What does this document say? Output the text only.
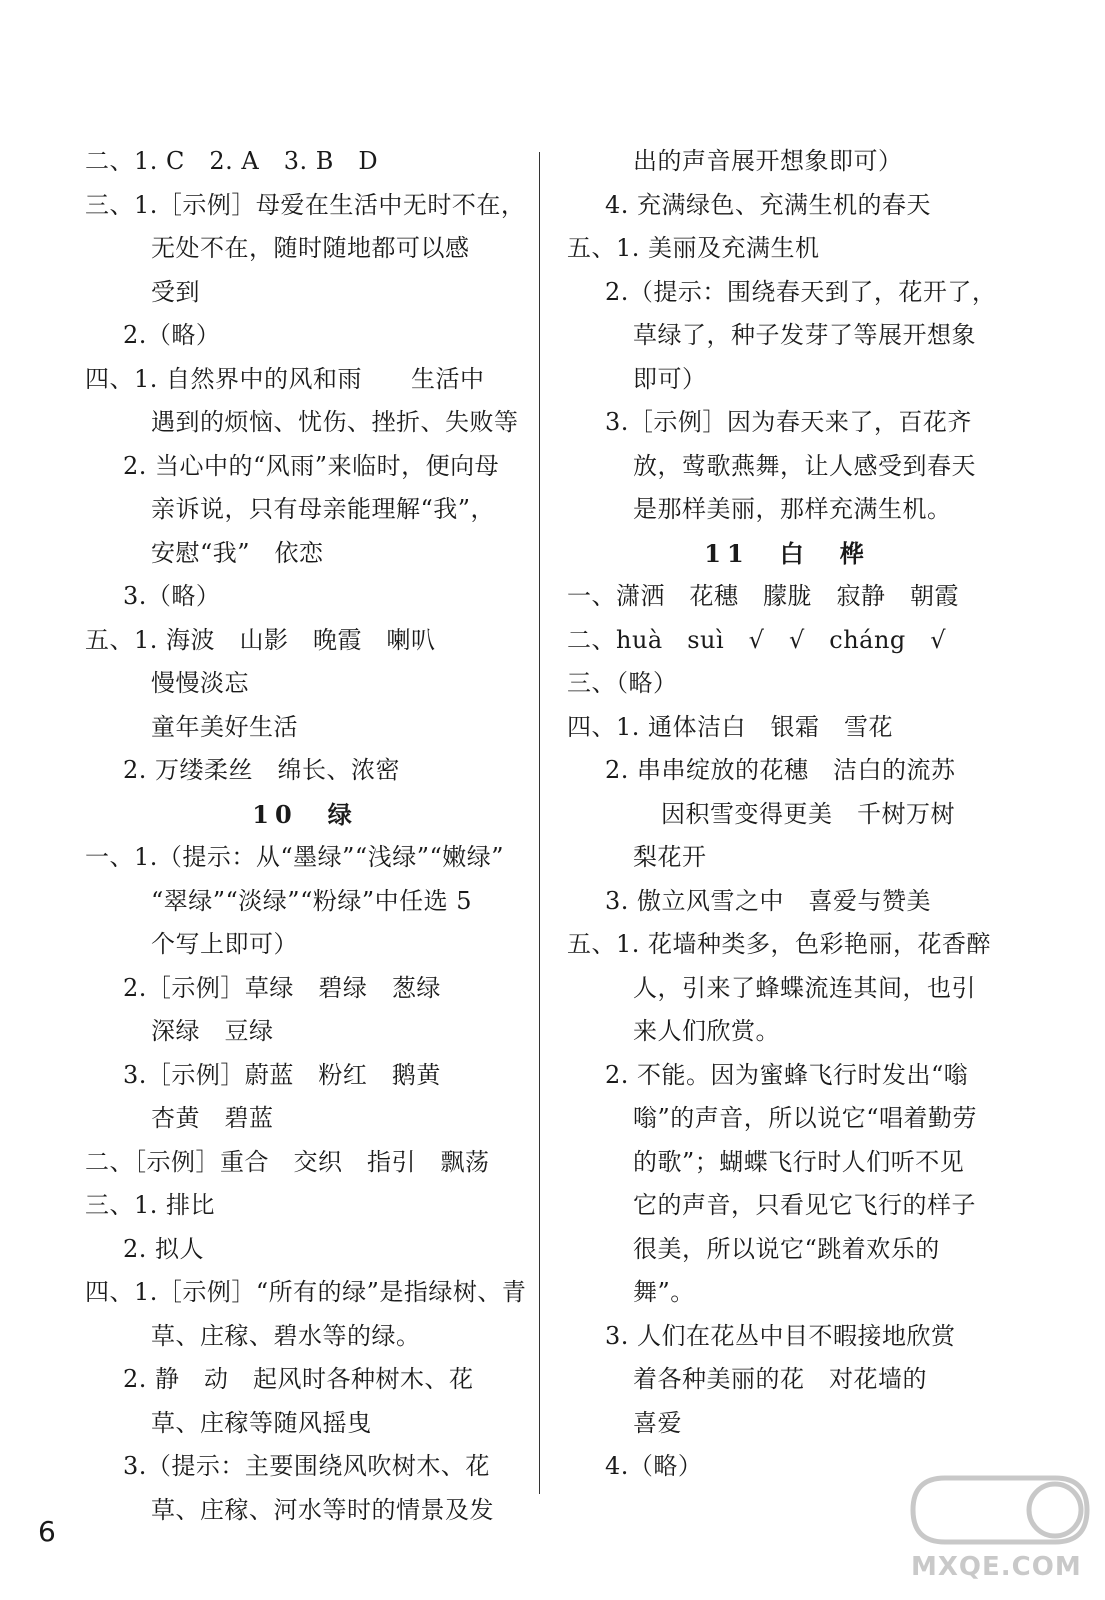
二、1. C　2. A　3. B　D
三、1.［示例］母爱在生活中无时不在，
无处不在，随时随地都可以感
受到
2.（略）
四、1. 自然界中的风和雨　　生活中
遇到的烦恼、忧伤、挫折、失败等
2. 当心中的“风雨”来临时，便向母
亲诉说，只有母亲能理解“我”，
安慰“我”　依恋
3.（略）
五、1. 海波　山影　晚霞　喇叭
慢慢淡忘
童年美好生活
2. 万缕柔丝　绵长、浓密
10　绿
一、1.（提示：从“墨绿”“浅绿”“嫩绿”
“翠绿”“淡绿”“粉绿”中任选 5
个写上即可）
2.［示例］草绿　碧绿　葱绿
深绿　豆绿
3.［示例］蔚蓝　粉红　鹅黄
杏黄　碧蓝
二、［示例］重合　交织　指引　飘荡
三、1. 排比
2. 拟人
四、1.［示例］“所有的绿”是指绿树、青
草、庄稼、碧水等的绿。
2. 静　动　起风时各种树木、花
草、庄稼等随风摇曳
3.（提示：主要围绕风吹树木、花
草、庄稼、河水等时的情景及发
出的声音展开想象即可）
4. 充满绿色、充满生机的春天
五、1. 美丽及充满生机
2.（提示：围绕春天到了，花开了，
草绿了，种子发芽了等展开想象
即可）
3.［示例］因为春天来了，百花齐
放，莺歌燕舞，让人感受到春天
是那样美丽，那样充满生机。
11　白　桦
一、潇洒　花穗　朦胧　寂静　朝霞
二、huà　suì　√　√　cháng　√
三、（略）
四、1. 通体洁白　银霜　雪花
2. 串串绽放的花穗　洁白的流苏
因积雪变得更美　千树万树
梨花开
3. 傲立风雪之中　喜爱与赞美
五、1. 花墙种类多，色彩艳丽，花香醉
人，引来了蜂蝶流连其间，也引
来人们欣赏。
2. 不能。因为蜜蜂飞行时发出“嗡
嗡”的声音，所以说它“唱着勤劳
的歌”；蝴蝶飞行时人们听不见
它的声音，只看见它飞行的样子
很美，所以说它“跳着欢乐的
舞”。
3. 人们在花丛中目不暇接地欣赏
着各种美丽的花　对花墙的
喜爱
4.（略）
6
MXQE.COM
